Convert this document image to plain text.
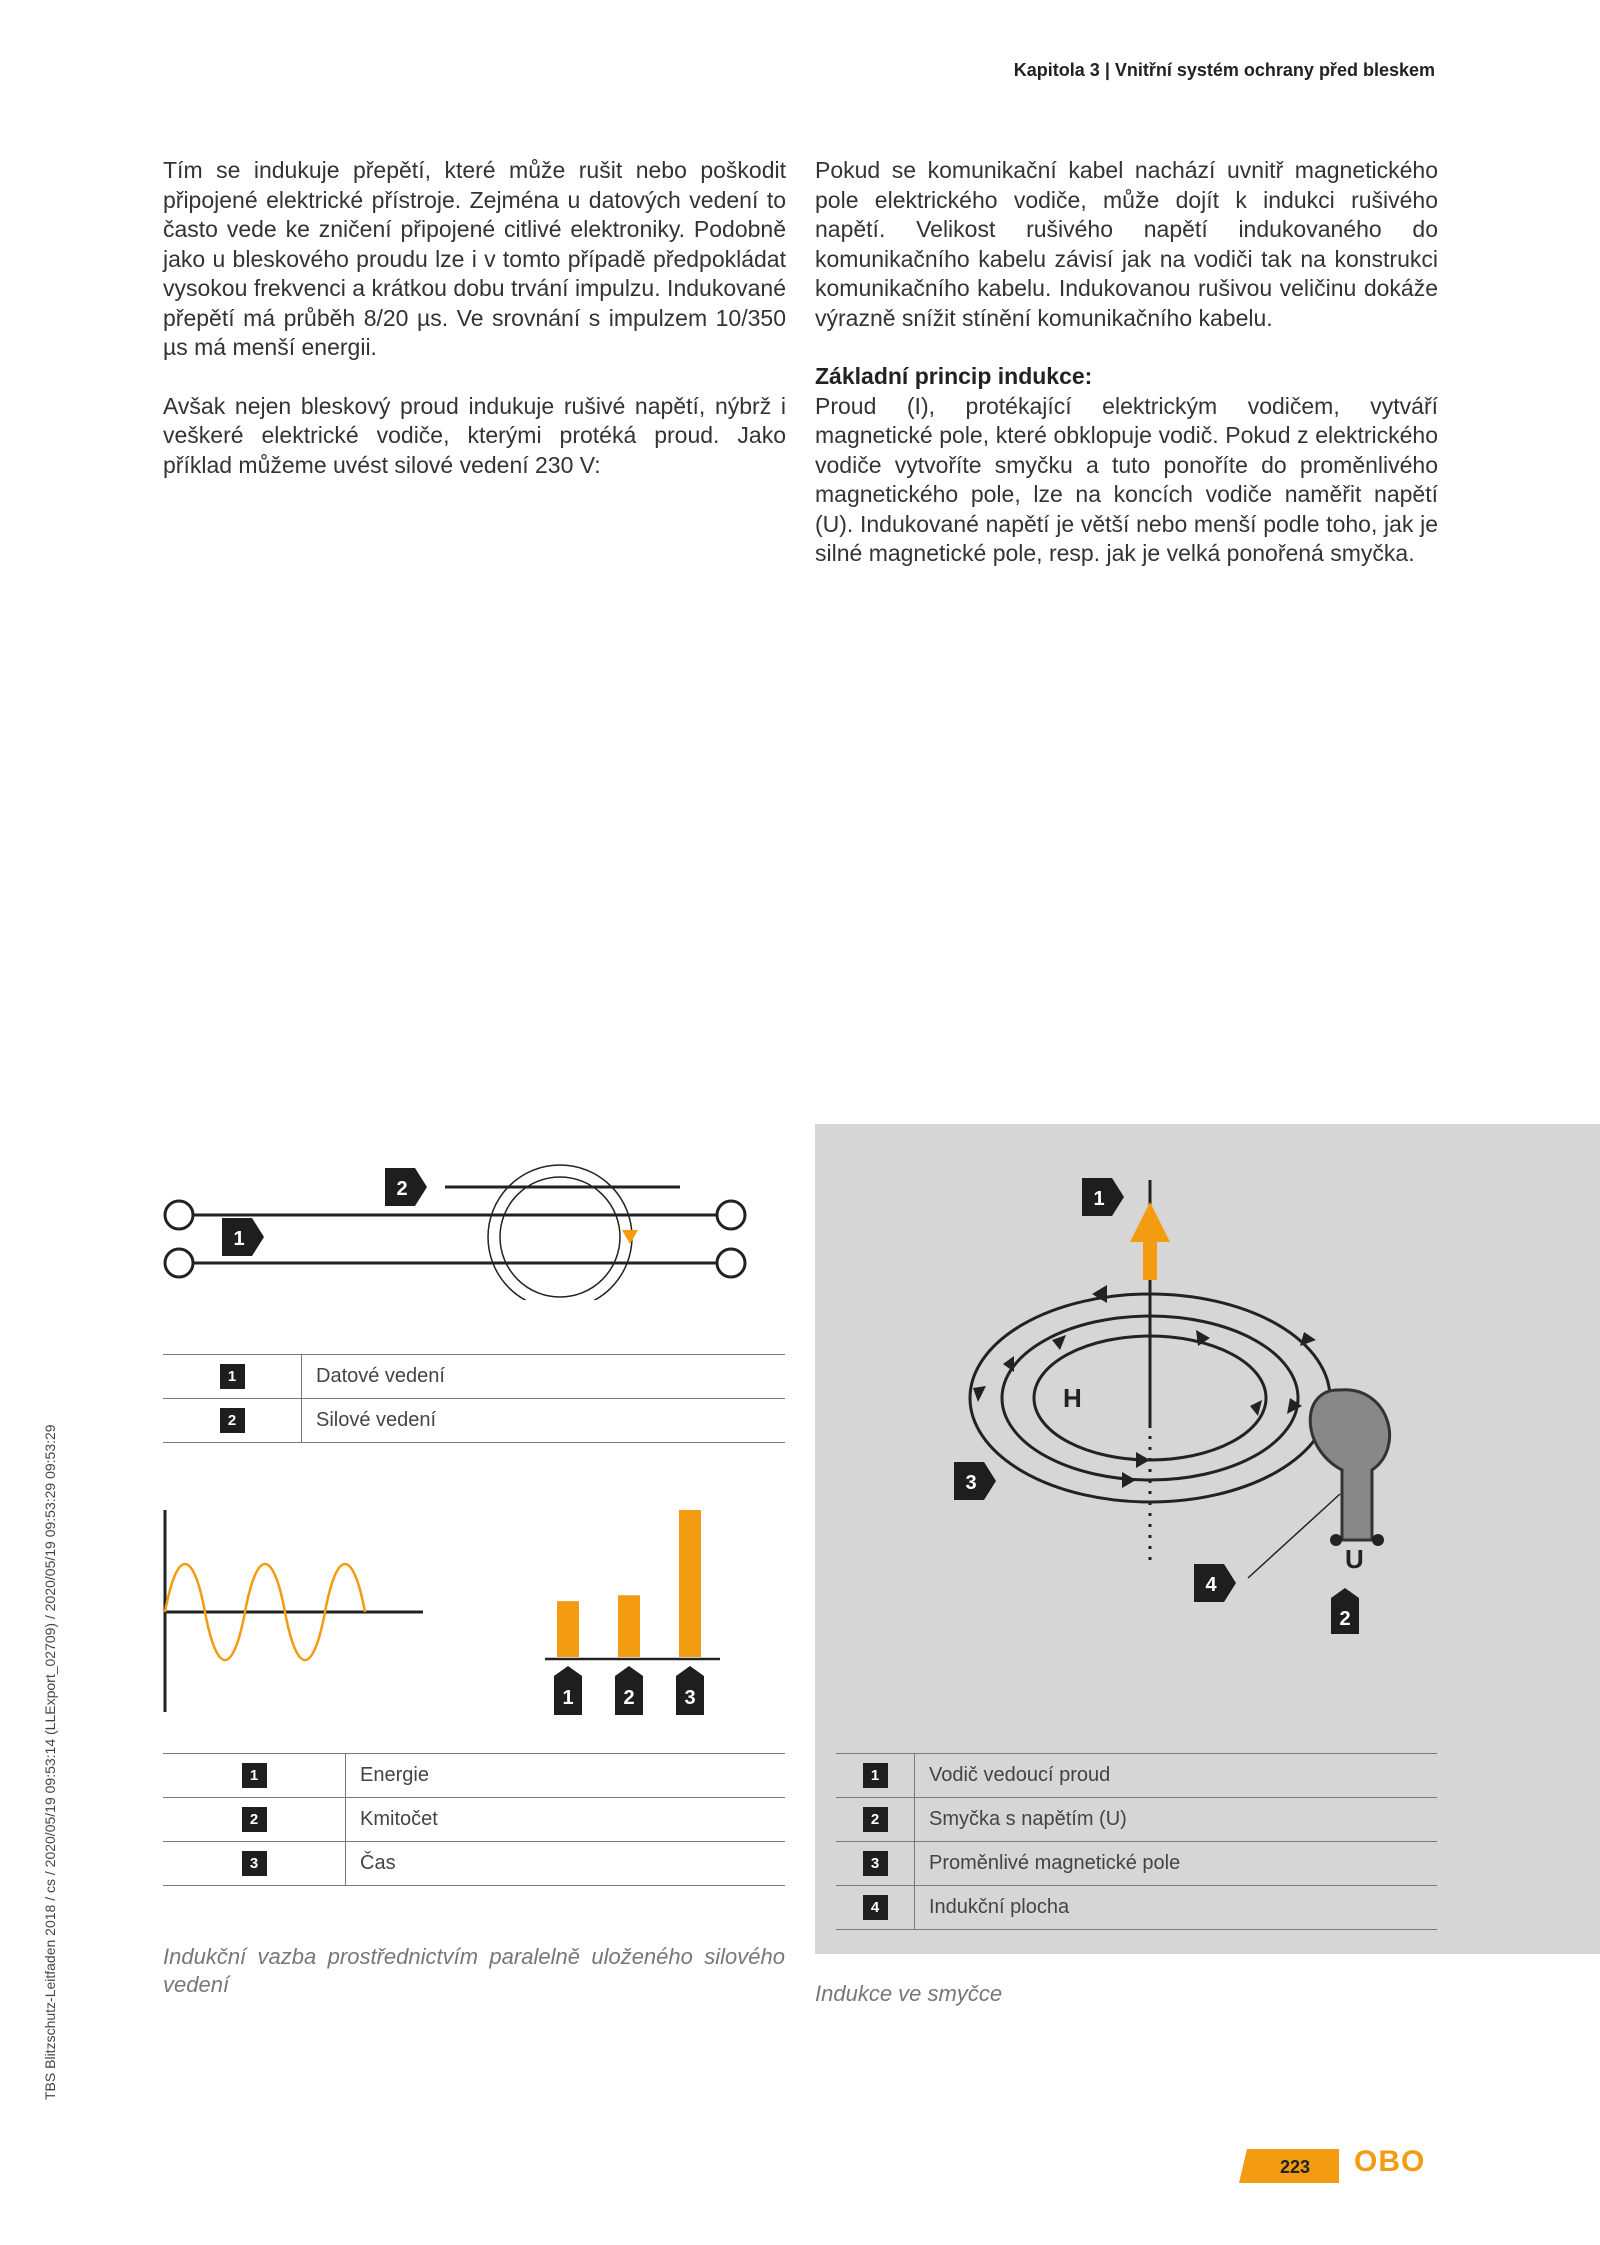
Kapitola 3 | Vnitřní systém ochrany před bleskem

Tím se indukuje přepětí, které může rušit nebo poškodit připojené elektrické přístroje. Zejména u datových vedení to často vede ke zničení připojené citlivé elektroniky. Podobně jako u bleskového proudu lze i v tomto případě předpokládat vysokou frekvenci a krátkou dobu trvání impulzu. Indukované přepětí má průběh 8/20 µs. Ve srovnání s impulzem 10/350 µs má menší energii.

Avšak nejen bleskový proud indukuje rušivé napětí, nýbrž i veškeré elektrické vodiče, kterými protéká proud. Jako příklad můžeme uvést silové vedení 230 V:

Pokud se komunikační kabel nachází uvnitř magnetického pole elektrického vodiče, může dojít k indukci rušivého napětí. Velikost rušivého napětí indukovaného do komunikačního kabelu závisí jak na vodiči tak na konstrukci komunikačního kabelu. Indukovanou rušivou veličinu dokáže výrazně snížit stínění komunikačního kabelu.

Základní princip indukce:

Proud (I), protékající elektrickým vodičem, vytváří magnetické pole, které obklopuje vodič. Pokud z elektrického vodiče vytvoříte smyčku a tuto ponoříte do proměnlivého magnetického pole, lze na koncích vodiče naměřit napětí (U). Indukované napětí je větší nebo menší podle toho, jak je silné magnetické pole, resp. jak je velká ponořená smyčka.

2
1
1	Datové vedení
2	Silové vedení
1 2 3
1	Energie
2	Kmitočet
3	Čas
Indukční vazba prostřednictvím paralelně uloženého silového vedení
H
U
1
3
4
2
1	Vodič vedoucí proud
2	Smyčka s napětím (U)
3	Proměnlivé magnetické pole
4	Indukční plocha
Indukce ve smyčce
TBS Blitzschutz-Leitfaden 2018 / cs / 2020/05/19 09:53:14 (LLExport_02709) / 2020/05/19 09:53:29 09:53:29
223 OBO
